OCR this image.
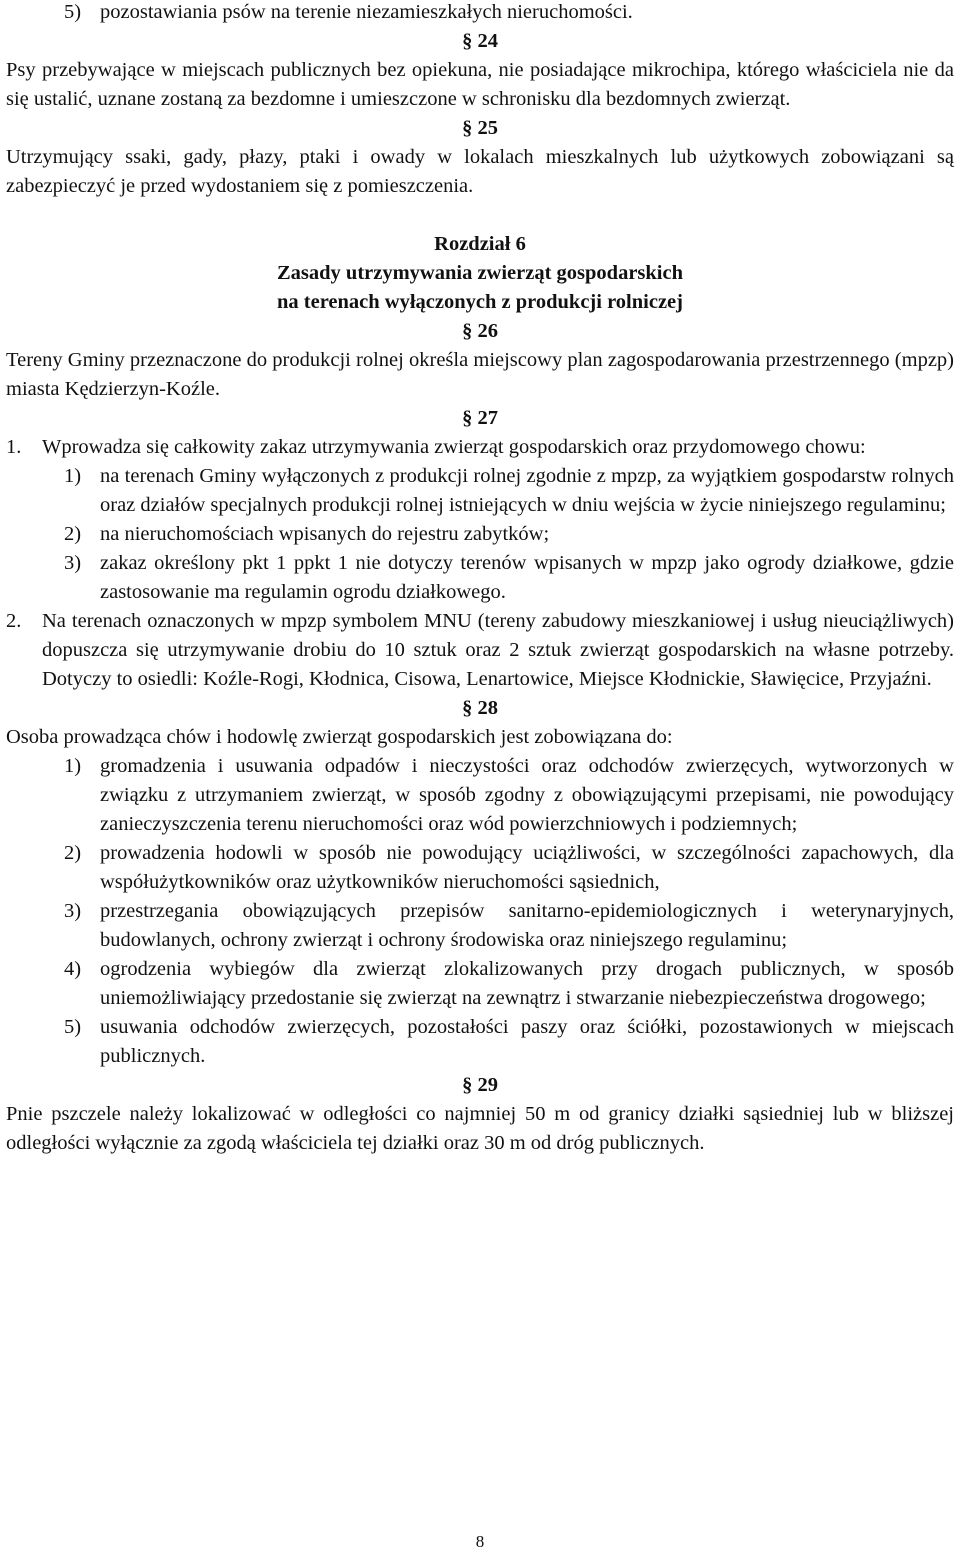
5) pozostawiania psów na terenie niezamieszkałych nieruchomości.

§ 24

Psy przebywające w miejscach publicznych bez opiekuna, nie posiadające mikrochipa, którego właściciela nie da się ustalić, uznane zostaną za bezdomne i umieszczone w schronisku dla bezdomnych zwierząt.

§ 25

Utrzymujący ssaki, gady, płazy, ptaki i owady w lokalach mieszkalnych lub użytkowych zobowiązani są zabezpieczyć je przed wydostaniem się z pomieszczenia.

Rozdział 6

Zasady utrzymywania zwierząt gospodarskich

na terenach wyłączonych z produkcji rolniczej

§ 26

Tereny Gminy przeznaczone do produkcji rolnej określa miejscowy plan zagospodarowania przestrzennego (mpzp) miasta Kędzierzyn-Koźle.

§ 27

1.	Wprowadza się całkowity zakaz utrzymywania zwierząt gospodarskich oraz przydomowego chowu:
1) na terenach Gminy wyłączonych z produkcji rolnej zgodnie z mpzp, za wyjątkiem gospodarstw rolnych oraz działów specjalnych produkcji rolnej istniejących w dniu wejścia w życie niniejszego regulaminu;
2) na nieruchomościach wpisanych do rejestru zabytków;
3) zakaz określony pkt 1 ppkt 1 nie dotyczy terenów wpisanych w mpzp jako ogrody działkowe, gdzie zastosowanie ma regulamin ogrodu działkowego.
2.	Na terenach oznaczonych w mpzp symbolem MNU (tereny zabudowy mieszkaniowej i usług nieuciążliwych) dopuszcza się utrzymywanie drobiu do 10 sztuk oraz 2 sztuk zwierząt gospodarskich na własne potrzeby. Dotyczy to osiedli: Koźle-Rogi, Kłodnica, Cisowa, Lenartowice, Miejsce Kłodnickie, Sławięcice, Przyjaźni.

§ 28

Osoba prowadząca chów i hodowlę zwierząt gospodarskich jest zobowiązana do:

1) gromadzenia i usuwania odpadów i nieczystości oraz odchodów zwierzęcych, wytworzonych w związku z utrzymaniem zwierząt, w sposób zgodny z obowiązującymi przepisami, nie powodujący zanieczyszczenia terenu nieruchomości oraz wód powierzchniowych i podziemnych;
2) prowadzenia hodowli w sposób nie powodujący uciążliwości, w szczególności zapachowych, dla współużytkowników oraz użytkowników nieruchomości sąsiednich,
3) przestrzegania obowiązujących przepisów sanitarno-epidemiologicznych i weterynaryjnych, budowlanych, ochrony zwierząt i ochrony środowiska oraz niniejszego regulaminu;
4) ogrodzenia wybiegów dla zwierząt zlokalizowanych przy drogach publicznych, w sposób uniemożliwiający przedostanie się zwierząt na zewnątrz i stwarzanie niebezpieczeństwa drogowego;
5) usuwania odchodów zwierzęcych, pozostałości paszy oraz ściółki, pozostawionych w miejscach publicznych.

§ 29

Pnie pszczele należy lokalizować w odległości co najmniej 50 m od granicy działki sąsiedniej lub w bliższej odległości wyłącznie za zgodą właściciela tej działki oraz 30 m od dróg publicznych.

8
